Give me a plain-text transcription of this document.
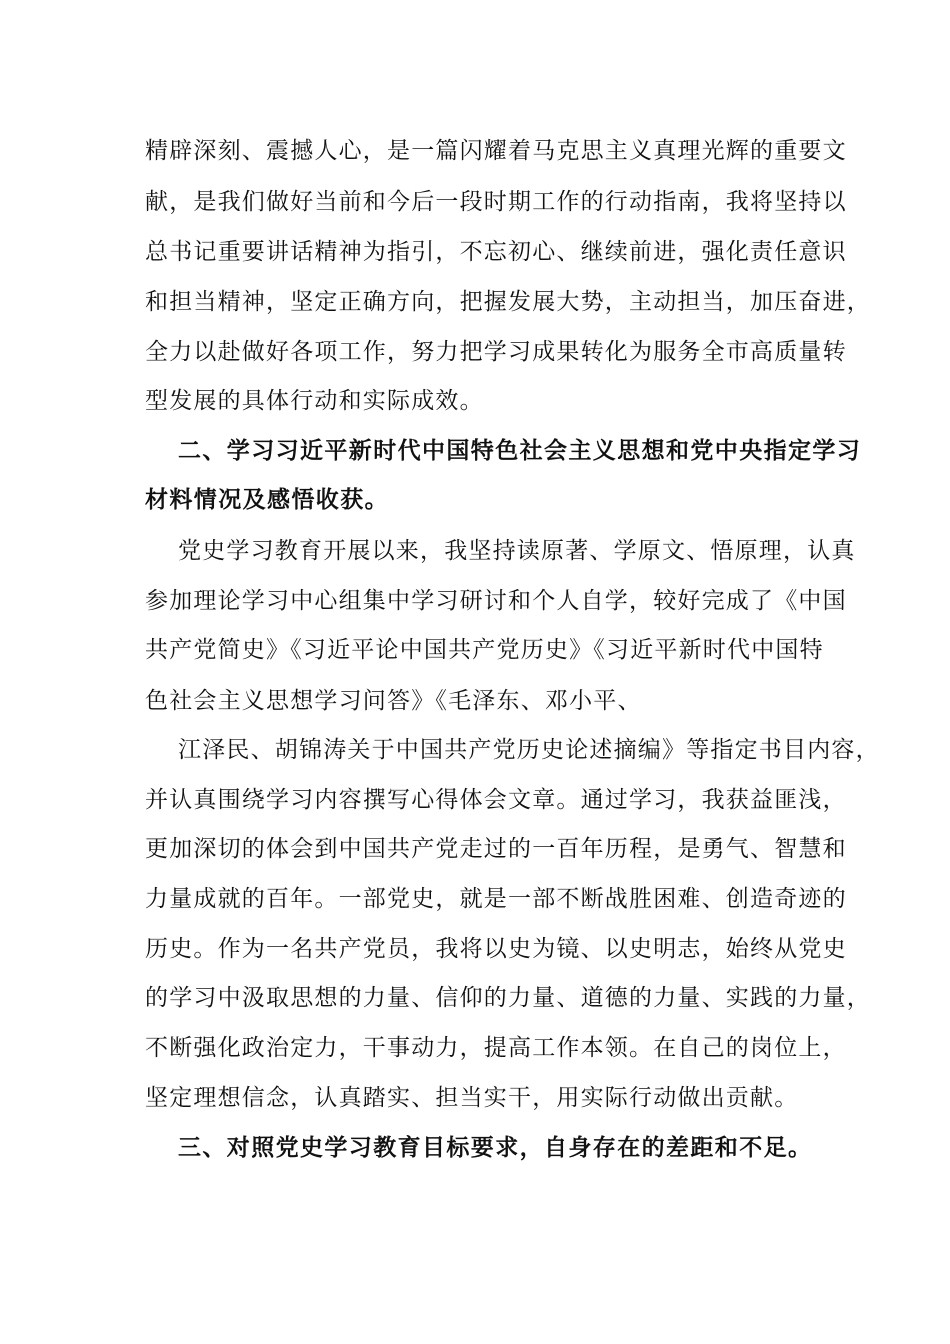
精辟深刻、震撼人心，是一篇闪耀着马克思主义真理光辉的重要文
献，是我们做好当前和今后一段时期工作的行动指南，我将坚持以
总书记重要讲话精神为指引，不忘初心、继续前进，强化责任意识
和担当精神，坚定正确方向，把握发展大势，主动担当，加压奋进，
全力以赴做好各项工作，努力把学习成果转化为服务全市高质量转
型发展的具体行动和实际成效。
二、学习习近平新时代中国特色社会主义思想和党中央指定学习
材料情况及感悟收获。
党史学习教育开展以来，我坚持读原著、学原文、悟原理，认真
参加理论学习中心组集中学习研讨和个人自学，较好完成了《中国
共产党简史》《习近平论中国共产党历史》《习近平新时代中国特
色社会主义思想学习问答》《毛泽东、邓小平、
江泽民、胡锦涛关于中国共产党历史论述摘编》等指定书目内容，
并认真围绕学习内容撰写心得体会文章。通过学习，我获益匪浅，
更加深切的体会到中国共产党走过的一百年历程，是勇气、智慧和
力量成就的百年。一部党史，就是一部不断战胜困难、创造奇迹的
历史。作为一名共产党员，我将以史为镜、以史明志，始终从党史
的学习中汲取思想的力量、信仰的力量、道德的力量、实践的力量，
不断强化政治定力，干事动力，提高工作本领。在自己的岗位上，
坚定理想信念，认真踏实、担当实干，用实际行动做出贡献。
三、对照党史学习教育目标要求，自身存在的差距和不足。
